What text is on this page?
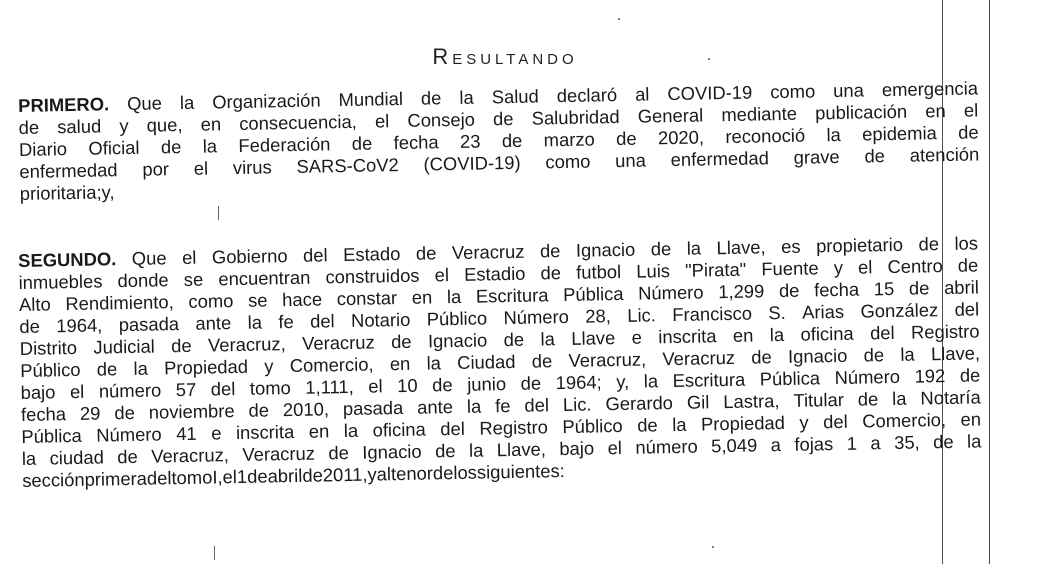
Resultando
PRIMERO. Que la Organización Mundial de la Salud declaró al COVID-19 como una emergencia
de salud y que, en consecuencia, el Consejo de Salubridad General mediante publicación en el
Diario Oficial de la Federación de fecha 23 de marzo de 2020, reconoció la epidemia de
enfermedad por el virus SARS-CoV2 (COVID-19) como una enfermedad grave de atención
prioritaria; y,
SEGUNDO. Que el Gobierno del Estado de Veracruz de Ignacio de la Llave, es propietario de los
inmuebles donde se encuentran construidos el Estadio de futbol Luis "Pirata" Fuente y el Centro de
Alto Rendimiento, como se hace constar en la Escritura Pública Número 1,299 de fecha 15 de abril
de 1964, pasada ante la fe del Notario Público Número 28, Lic. Francisco S. Arias González del
Distrito Judicial de Veracruz, Veracruz de Ignacio de la Llave e inscrita en la oficina del Registro
Público de la Propiedad y Comercio, en la Ciudad de Veracruz, Veracruz de Ignacio de la Llave,
bajo el número 57 del tomo 1,111, el 10 de junio de 1964; y, la Escritura Pública Número 192 de
fecha 29 de noviembre de 2010, pasada ante la fe del Lic. Gerardo Gil Lastra, Titular de la Notaría
Pública Número 41 e inscrita en la oficina del Registro Público de la Propiedad y del Comercio, en
la ciudad de Veracruz, Veracruz de Ignacio de la Llave, bajo el número 5,049 a fojas 1 a 35, de la
sección primera del tomo I, el 1 de abril de 2011, y al tenor de los siguientes:
